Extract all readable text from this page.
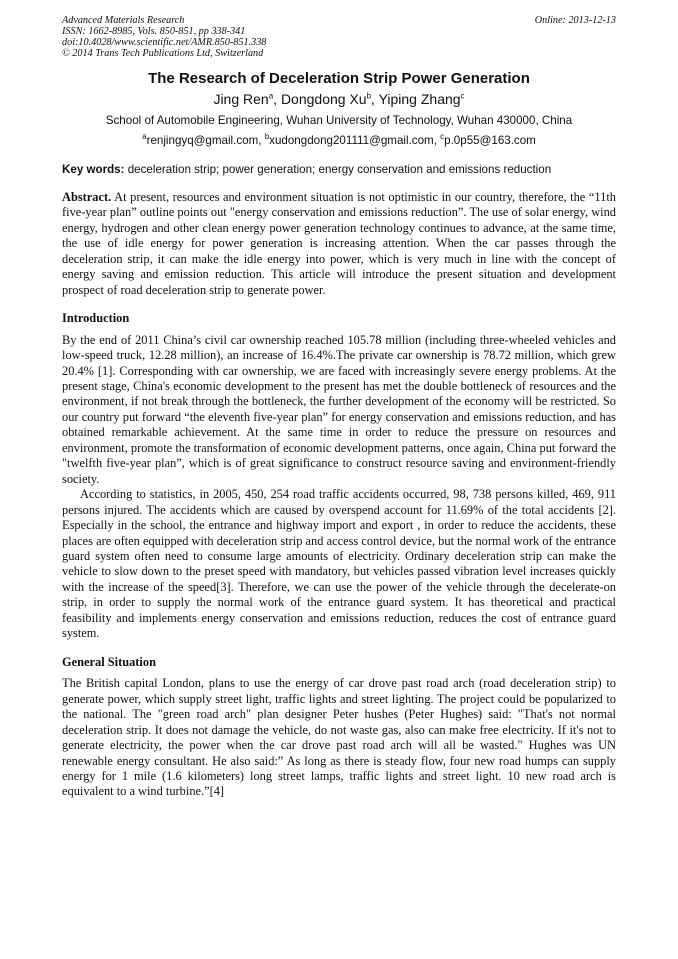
Advanced Materials Research
ISSN: 1662-8985, Vols. 850-851, pp 338-341
doi:10.4028/www.scientific.net/AMR.850-851.338
© 2014 Trans Tech Publications Ltd, Switzerland
Online: 2013-12-13
The Research of Deceleration Strip Power Generation
Jing Ren$^a$, Dongdong Xu$^b$, Yiping Zhang$^c$
School of Automobile Engineering, Wuhan University of Technology, Wuhan 430000, China
$^a$renjingyq@gmail.com, $^b$xudongdong201111@gmail.com, $^c$p.0p55@163.com
Key words: deceleration strip; power generation; energy conservation and emissions reduction

Abstract. At present, resources and environment situation is not optimistic in our country, therefore, the “11th five-year plan” outline points out "energy conservation and emissions reduction”. The use of solar energy, wind energy, hydrogen and other clean energy power generation technology continues to advance, at the same time, the use of idle energy for power generation is increasing attention. When the car passes through the deceleration strip, it can make the idle energy into power, which is very much in line with the concept of energy saving and emission reduction. This article will introduce the present situation and development prospect of road deceleration strip to generate power.

Introduction

By the end of 2011 China’s civil car ownership reached 105.78 million (including three-wheeled vehicles and low-speed truck, 12.28 million), an increase of 16.4%.The private car ownership is 78.72 million, which grew 20.4% [1]. Corresponding with car ownership, we are faced with increasingly severe energy problems. At the present stage, China's economic development to the present has met the double bottleneck of resources and the environment, if not break through the bottleneck, the further development of the economy will be restricted. So our country put forward “the eleventh five-year plan” for energy conservation and emissions reduction, and has obtained remarkable achievement. At the same time in order to reduce the pressure on resources and environment, promote the transformation of economic development patterns, once again, China put forward the "twelfth five-year plan”, which is of great significance to construct resource saving and environment-friendly society.

According to statistics, in 2005, 450, 254 road traffic accidents occurred, 98, 738 persons killed, 469, 911 persons injured. The accidents which are caused by overspend account for 11.69% of the total accidents [2]. Especially in the school, the entrance and highway import and export , in order to reduce the accidents, these places are often equipped with deceleration strip and access control device, but the normal work of the entrance guard system often need to consume large amounts of electricity. Ordinary deceleration strip can make the vehicle to slow down to the preset speed with mandatory, but vehicles passed vibration level increases quickly with the increase of the speed[3]. Therefore, we can use the power of the vehicle through the decelerate-on strip, in order to supply the normal work of the entrance guard system. It has theoretical and practical feasibility and implements energy conservation and emissions reduction, reduces the cost of entrance guard system.

General Situation

The British capital London, plans to use the energy of car drove past road arch (road deceleration strip) to generate power, which supply street light, traffic lights and street lighting. The project could be popularized to the national. The "green road arch" plan designer Peter hushes (Peter Hughes) said: "That's not normal deceleration strip. It does not damage the vehicle, do not waste gas, also can make free electricity. If it's not to generate electricity, the power when the car drove past road arch will all be wasted." Hughes was UN renewable energy consultant. He also said:” As long as there is steady flow, four new road humps can supply energy for 1 mile (1.6 kilometers) long street lamps, traffic lights and street light. 10 new road arch is equivalent to a wind turbine.”[4]
